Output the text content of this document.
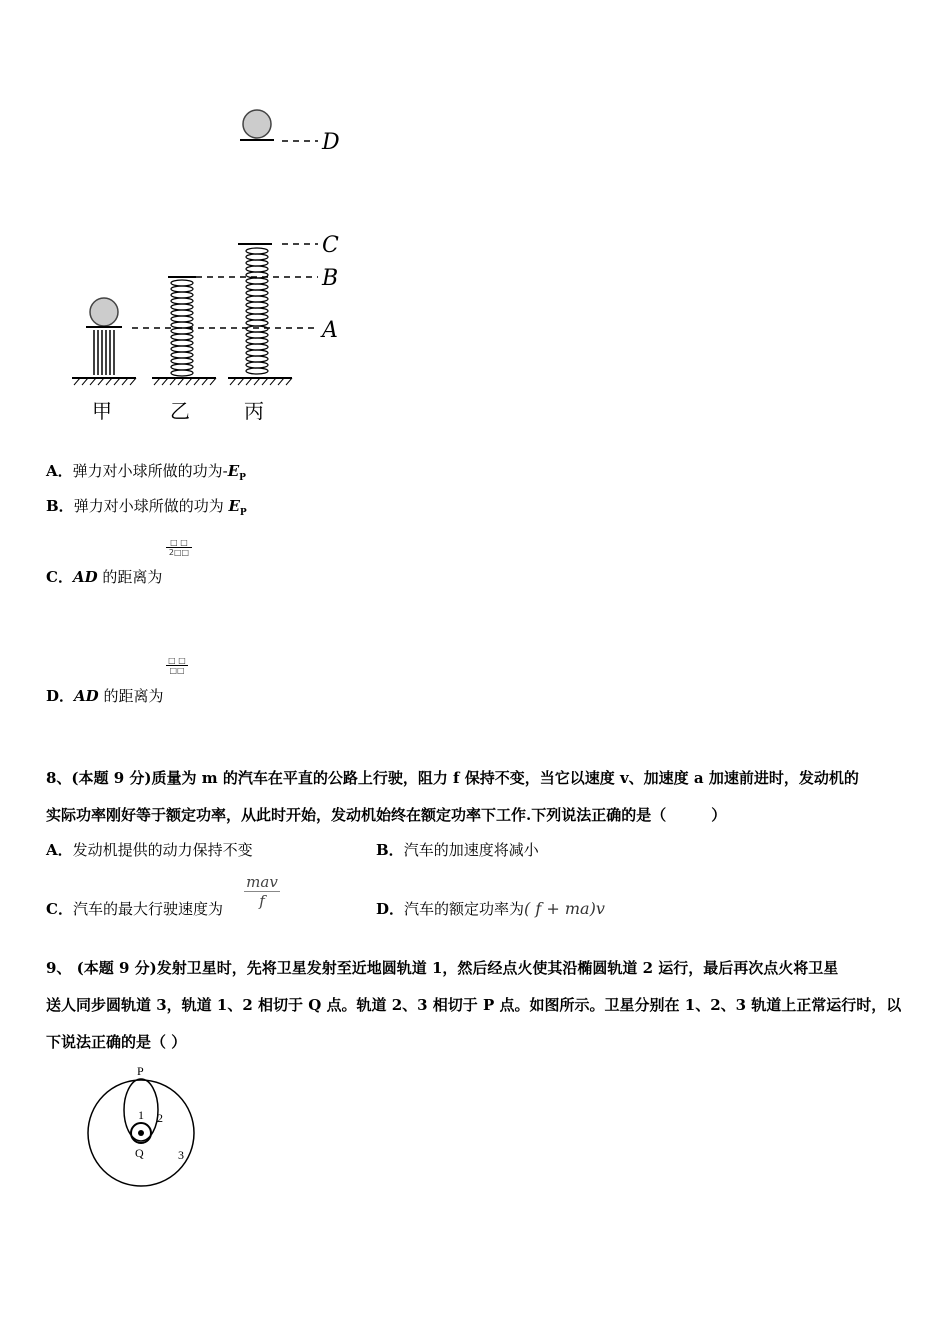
D
C
B
A
甲	乙	丙
A．弹力对小球所做的功为$-E_P$
B．弹力对小球所做的功为 $E_P$
□ □
2□□
C．AD 的距离为
□ □
□□
D．AD 的距离为
8、(本题 9 分)质量为 m 的汽车在平直的公路上行驶，阻力 f 保持不变，当它以速度 v、加速度 a 加速前进时，发动机的
实际功率刚好等于额定功率，从此时开始，发动机始终在额定功率下工作.下列说法正确的是（　　　）
A．发动机提供的动力保持不变	B．汽车的加速度将减小
C．汽车的最大行驶速度为
mav
f	D．汽车的额定功率为( f + ma)v
9、 (本题 9 分)发射卫星时，先将卫星发射至近地圆轨道 1，然后经点火使其沿椭圆轨道 2 运行，最后再次点火将卫星
送人同步圆轨道 3，轨道 1、2 相切于 Q 点。轨道 2、3 相切于 P 点。如图所示。卫星分别在 1、2、3 轨道上正常运行时，以
下说法正确的是（ ）
P
Q
1 2
3
